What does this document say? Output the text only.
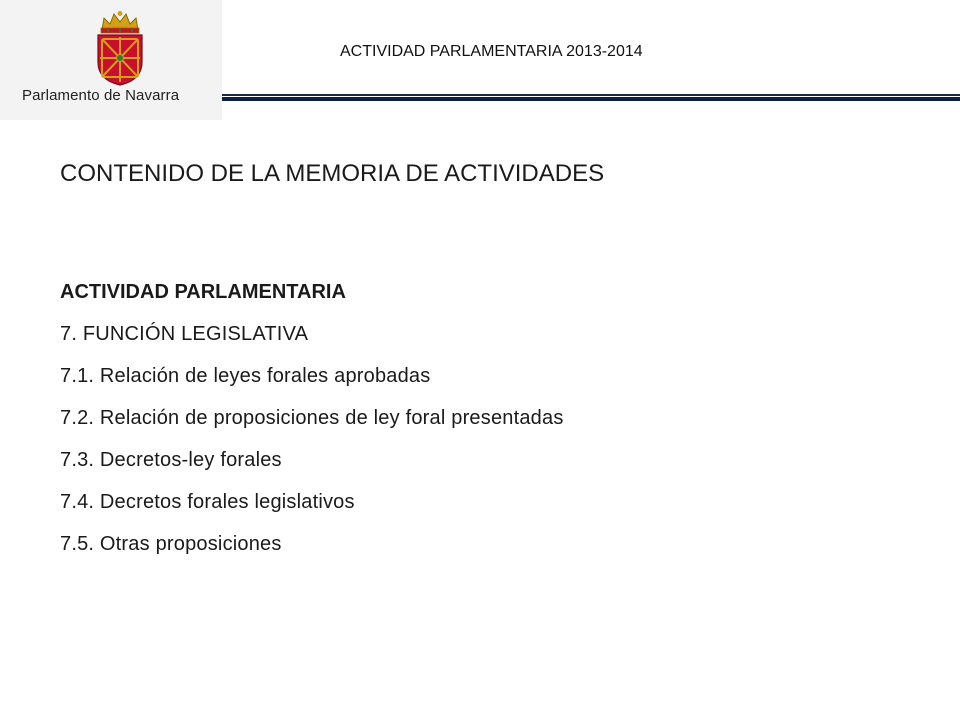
Parlamento de Navarra
ACTIVIDAD PARLAMENTARIA 2013-2014
CONTENIDO DE LA MEMORIA DE ACTIVIDADES
ACTIVIDAD PARLAMENTARIA
7. FUNCIÓN LEGISLATIVA
7.1. Relación de leyes forales aprobadas
7.2. Relación de proposiciones de ley foral presentadas
7.3. Decretos-ley forales
7.4. Decretos forales legislativos
7.5. Otras proposiciones
